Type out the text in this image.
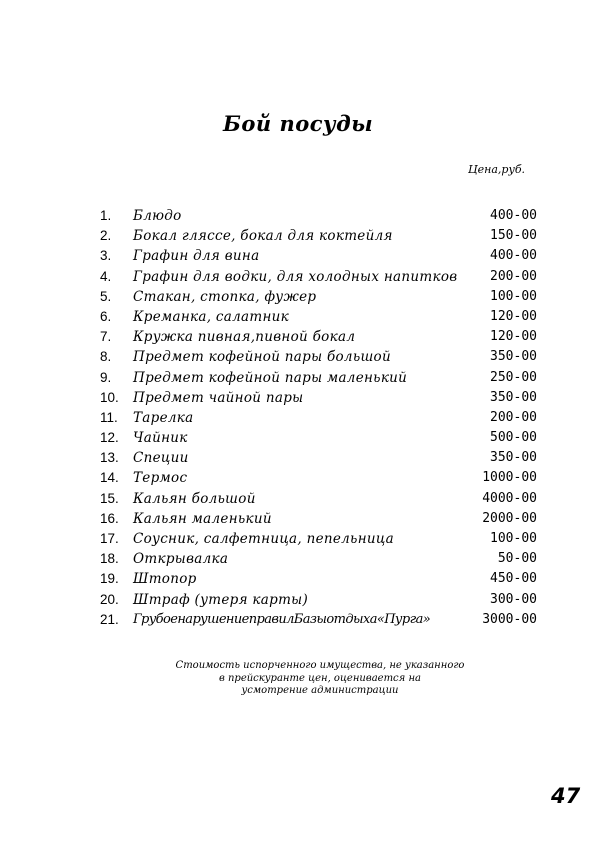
Бой посуды
Цена,руб.
1. Блюдо	400-00
2. Бокал гляссе, бокал для коктейля	150-00
3. Графин для вина	400-00
4. Графин для водки, для холодных напитков	200-00
5. Стакан, стопка, фужер	100-00
6. Креманка, салатник	120-00
7. Кружка пивная,пивной бокал	120-00
8. Предмет кофейной пары большой	350-00
9. Предмет кофейной пары маленький	250-00
10. Предмет чайной пары	350-00
11. Тарелка	200-00
12. Чайник	500-00
13. Специи	350-00
14. Термос	1000-00
15. Кальян большой	4000-00
16. Кальян маленький	2000-00
17. Соусник, салфетница, пепельница	100-00
18. Открывалка	50-00
19. Штопор	450-00
20. Штраф (утеря карты)	300-00
21. ГрубоенарушениеправилБазыотдыха«Пурга»	3000-00
Стоимость испорченного имущества, не указанного
в прейскуранте цен, оценивается на
усмотрение администрации
47
